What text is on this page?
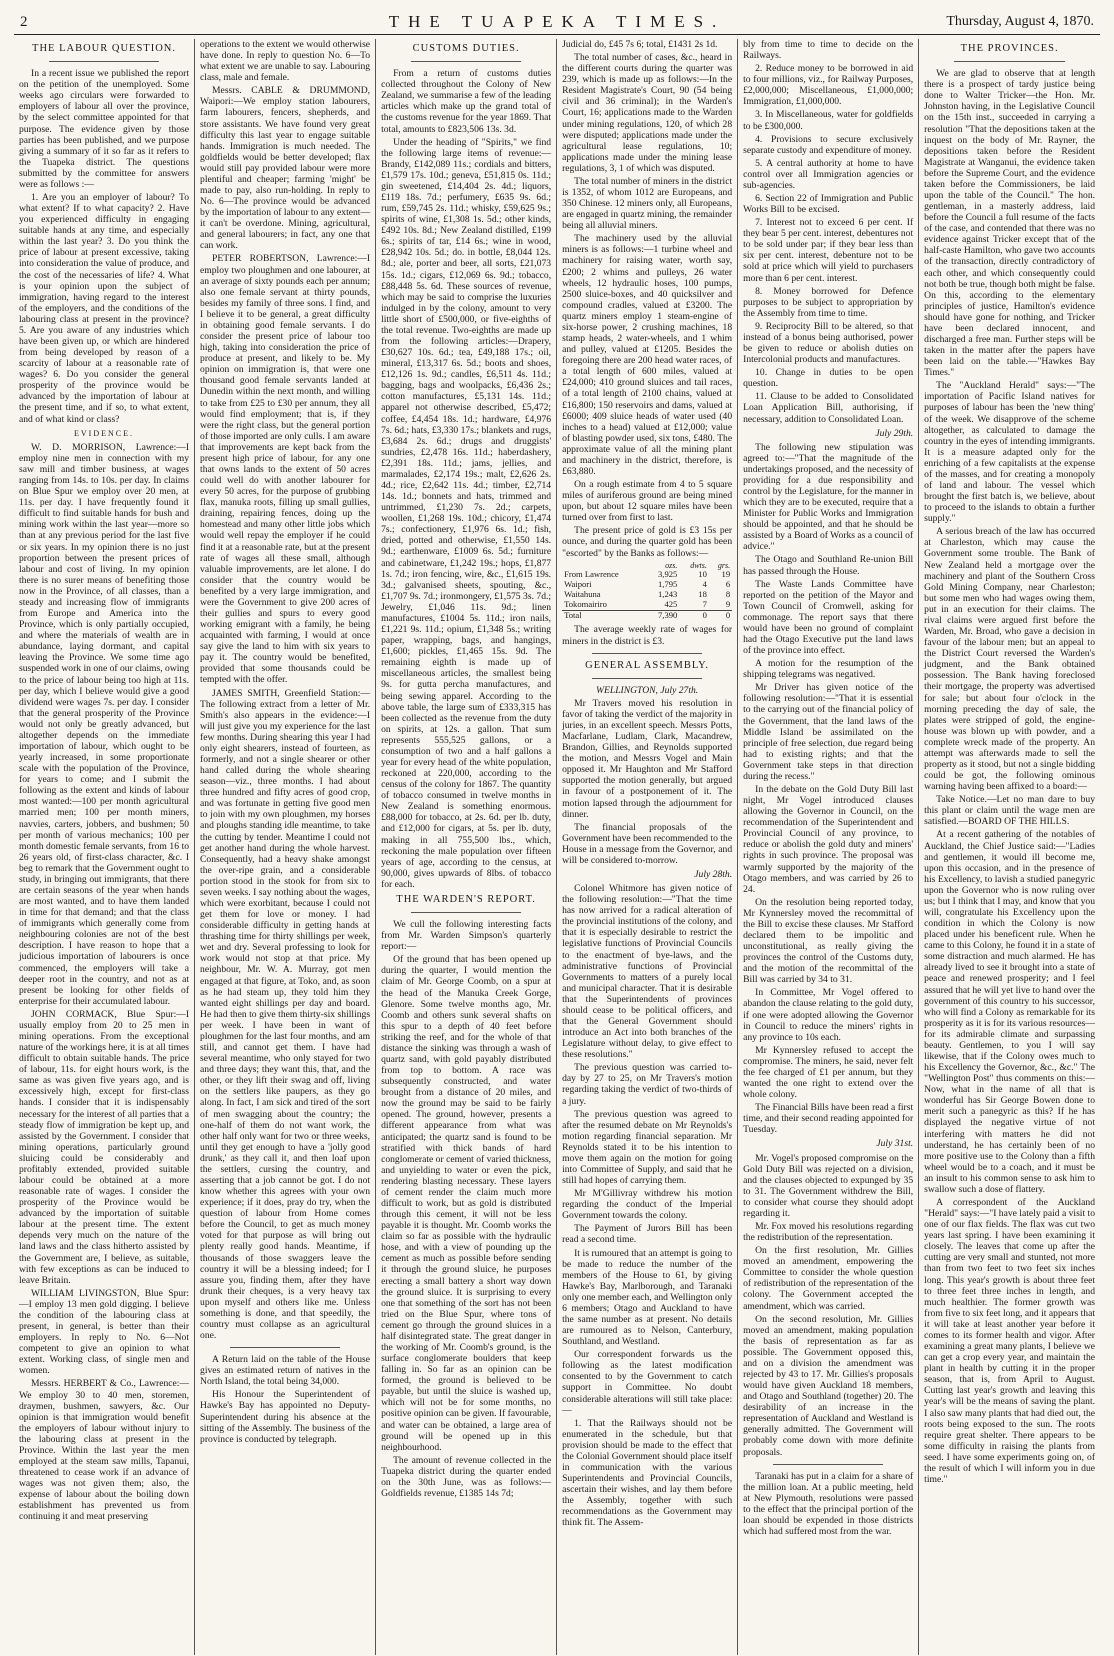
2	THE TUAPEKA TIMES.	Thursday, August 4, 1870.
THE LABOUR QUESTION.

In a recent issue we published the report on the petition of the unemployed. Some weeks ago circulars were forwarded to employers of labour all over the province, by the select committee appointed for that purpose. The evidence given by those parties has been published, and we purpose giving a summary of it so far as it refers to the Tuapeka district. The questions submitted by the committee for answers were as follows :—

1. Are you an employer of labour? To what extent? If to what capacity? 2. Have you experienced difficulty in engaging suitable hands at any time, and especially within the last year? 3. Do you think the price of labour at present excessive, taking into consideration the value of produce, and the cost of the necessaries of life? 4. What is your opinion upon the subject of immigration, having regard to the interest of the employers, and the conditions of the labouring class at present in the province? 5. Are you aware of any industries which have been given up, or which are hindered from being developed by reason of a scarcity of labour at a reasonable rate of wages? 6. Do you consider the general prosperity of the province would be advanced by the importation of labour at the present time, and if so, to what extent, and of what kind or class?

EVIDENCE.

W. D. MORRISON, Lawrence:—I employ nine men in connection with my saw mill and timber business, at wages ranging from 14s. to 10s. per day. In claims on Blue Spur we employ over 20 men, at 11s. per day. I have frequently found it difficult to find suitable hands for bush and mining work within the last year—more so than at any previous period for the last five or six years. In my opinion there is no just proportion between the present prices of labour and cost of living. In my opinion there is no surer means of benefiting those now in the Province, of all classes, than a steady and increasing flow of immigrants from Europe and America into the Province, which is only partially occupied, and where the materials of wealth are in abundance, laying dormant, and capital leaving the Province. We some time ago suspended work in one of our claims, owing to the price of labour being too high at 11s. per day, which I believe would give a good dividend were wages 7s. per day. I consider that the general prosperity of the Province would not only be greatly advanced, but altogether depends on the immediate importation of labour, which ought to be yearly increased, in some proportionate scale with the population of the Province, for years to come; and I submit the following as the extent and kinds of labour most wanted:—100 per month agricultural married men; 100 per month miners, navvies, carters, jobbers, and bushmen; 50 per month of various mechanics; 100 per month domestic female servants, from 16 to 26 years old, of first-class character, &c. I beg to remark that the Government ought to study, in bringing out immigrants, that there are certain seasons of the year when hands are most wanted, and to have them landed in time for that demand; and that the class of immigrants which generally come from neighbouring colonies are not of the best description. I have reason to hope that a judicious importation of labourers is once commenced, the employers will take a deeper root in the country, and not as at present be looking for other fields of enterprise for their accumulated labour.

JOHN CORMACK, Blue Spur:—I usually employ from 20 to 25 men in mining operations. From the exceptional nature of the workings here, it is at all times difficult to obtain suitable hands. The price of labour, 11s. for eight hours work, is the same as was given five years ago, and is excessively high, except for first-class hands. I consider that it is indispensably necessary for the interest of all parties that a steady flow of immigration be kept up, and assisted by the Government. I consider that mining operations, particularly ground sluicing could be considerably and profitably extended, provided suitable labour could be obtained at a more reasonable rate of wages. I consider the prosperity of the Province would be advanced by the importation of suitable labour at the present time. The extent depends very much on the nature of the land laws and the class hitherto assisted by the Government are, I believe, as suitable, with few exceptions as can be induced to leave Britain.

WILLIAM LIVINGSTON, Blue Spur:—I employ 13 men gold digging. I believe the condition of the labouring class at present, in general, is better than their employers. In reply to No. 6—Not competent to give an opinion to what extent. Working class, of single men and women.

Messrs. HERBERT & Co., Lawrence:—We employ 30 to 40 men, storemen, draymen, bushmen, sawyers, &c. Our opinion is that immigration would benefit the employers of labour without injury to the labouring class at present in the Province. Within the last year the men employed at the steam saw mills, Tapanui, threatened to cease work if an advance of wages was not given them; also, the expense of labour about the boiling down establishment has prevented us from continuing it and meat preserving

operations to the extent we would otherwise have done. In reply to question No. 6—To what extent we are unable to say. Labouring class, male and female.

Messrs. CABLE & DRUMMOND, Waipori:—We employ station labourers, farm labourers, fencers, shepherds, and store assistants. We have found very great difficulty this last year to engage suitable hands. Immigration is much needed. The goldfields would be better developed; flax would still pay provided labour were more plentiful and cheaper; farming 'might' be made to pay, also run-holding. In reply to No. 6—The province would be advanced by the importation of labour to any extent—it can't be overdone. Mining, agricultural, and general labourers; in fact, any one that can work.

PETER ROBERTSON, Lawrence:—I employ two ploughmen and one labourer, at an average of sixty pounds each per annum; also one female servant at thirty pounds, besides my family of three sons. I find, and I believe it to be general, a great difficulty in obtaining good female servants. I do consider the present price of labour too high, taking into consideration the price of produce at present, and likely to be. My opinion on immigration is, that were one thousand good female servants landed at Dunedin within the next month, and willing to take from £25 to £30 per annum, they all would find employment; that is, if they were the right class, but the general portion of those imported are only culls. I am aware that improvements are kept back from the present high price of labour, for any one that owns lands to the extent of 50 acres could well do with another labourer for every 50 acres, for the purpose of grubbing flax, manuka roots, filling up small gullies, draining, repairing fences, doing up the homestead and many other little jobs which would well repay the employer if he could find it at a reasonable rate, but at the present rate of wages all these small, although valuable improvements, are let alone. I do consider that the country would be benefited by a very large immigration, and were the Government to give 200 acres of their gullies and spurs to every good working emigrant with a family, he being acquainted with farming, I would at once say give the land to him with six years to pay it. The country would be benefited, provided that some thousands could be tempted with the offer.

JAMES SMITH, Greenfield Station:—The following extract from a letter of Mr. Smith's also appears in the evidence:—I will just give you my experience for the last few months. During shearing this year I had only eight shearers, instead of fourteen, as formerly, and not a single shearer or other hand called during the whole shearing season—viz., three months. I had about three hundred and fifty acres of good crop, and was fortunate in getting five good men to join with my own ploughmen, my horses and ploughs standing idle meantime, to take the cutting by tender. Meantime I could not get another hand during the whole harvest. Consequently, had a heavy shake amongst the over-ripe grain, and a considerable portion stood in the stook for from six to seven weeks. I say nothing about the wages, which were exorbitant, because I could not get them for love or money. I had considerable difficulty in getting hands at thrashing time for thirty shillings per week, wet and dry. Several professing to look for work would not stop at that price. My neighbour, Mr. W. A. Murray, got men engaged at that figure, at Toko, and, as soon as he had steam up, they told him they wanted eight shillings per day and board. He had then to give them thirty-six shillings per week. I have been in want of ploughmen for the last four months, and am still, and cannot get them. I have had several meantime, who only stayed for two and three days; they want this, that, and the other, or they lift their swag and off, living on the settlers like paupers, as they go along. In fact, I am sick and tired of the sort of men swagging about the country; the one-half of them do not want work, the other half only want for two or three weeks, until they get enough to have a 'jolly good drunk,' as they call it, and then loaf upon the settlers, cursing the country, and asserting that a job cannot be got. I do not know whether this agrees with your own experience; if it does, pray do try, when the question of labour from Home comes before the Council, to get as much money voted for that purpose as will bring out plenty really good hands. Meantime, if thousands of those swaggers leave the country it will be a blessing indeed; for I assure you, finding them, after they have drunk their cheques, is a very heavy tax upon myself and others like me. Unless something is done, and that speedily, the country must collapse as an agricultural one.

A Return laid on the table of the House gives an estimated return of natives in the North Island, the total being 34,000.

His Honour the Superintendent of Hawke's Bay has appointed no Deputy-Superintendent during his absence at the sitting of the Assembly. The business of the province is conducted by telegraph.

CUSTOMS DUTIES.

From a return of customs duties collected throughout the Colony of New Zealand, we summarise a few of the leading articles which make up the grand total of the customs revenue for the year 1869. That total, amounts to £823,506 13s. 3d.

Under the heading of "Spirits," we find the following large items of revenue:—Brandy, £142,089 11s.; cordials and bitters, £1,579 17s. 10d.; geneva, £51,815 0s. 11d.; gin sweetened, £14,404 2s. 4d.; liquors, £119 18s. 7d.; perfumery, £635 9s. 6d.; rum, £59,745 2s. 11d.; whisky, £59,625 9s.; spirits of wine, £1,308 1s. 5d.; other kinds, £492 10s. 8d.; New Zealand distilled, £199 6s.; spirits of tar, £14 6s.; wine in wood, £28,942 10s. 5d.; do. in bottle, £8,044 12s. 8d.; ale, porter and beer, all sorts, £21,073 15s. 1d.; cigars, £12,069 6s. 9d.; tobacco, £88,448 5s. 6d. These sources of revenue, which may be said to comprise the luxuries indulged in by the colony, amount to very little short of £500,000, or five-eighths of the total revenue. Two-eighths are made up from the following articles:—Drapery, £30,627 10s. 6d.; tea, £49,188 17s.; oil, mineral, £13,317 6s. 5d.; boots and shoes, £12,126 1s. 9d.; candles, £6,511 4s. 11d.; bagging, bags and woolpacks, £6,436 2s.; cotton manufactures, £5,131 14s. 11d.; apparel not otherwise described, £5,472; coffee, £4,454 18s. 1d.; hardware, £4,976 7s. 6d.; hats, £3,330 17s.; blankets and rugs, £3,684 2s. 6d.; drugs and druggists' sundries, £2,478 16s. 11d.; haberdashery, £2,391 18s. 11d.; jams, jellies, and marmalades, £2,174 19s.; malt, £2,626 2s. 4d.; rice, £2,642 11s. 4d.; timber, £2,714 14s. 1d.; bonnets and hats, trimmed and untrimmed, £1,230 7s. 2d.; carpets, woollen, £1,268 19s. 10d.; chicory, £1,474 7s.; confectionery, £1,976 6s. 1d.; fish, dried, potted and otherwise, £1,550 14s. 9d.; earthenware, £1009 6s. 5d.; furniture and cabinetware, £1,242 19s.; hops, £1,877 1s. 7d.; iron fencing, wire, &c., £1,615 19s. 3d.; galvanised sheets, spouting, &c., £1,707 9s. 7d.; ironmongery, £1,575 3s. 7d.; Jewelry, £1,046 11s. 9d.; linen manufactures, £1004 5s. 11d.; iron nails, £1,221 9s. 11d.; opium, £1,348 5s.; writing paper, wrapping, bags, and hangings, £1,600; pickles, £1,465 15s. 9d. The remaining eighth is made up of miscellaneous articles, the smallest being 9s. for gutta percha manufactures, and being sewing apparel. According to the above table, the large sum of £333,315 has been collected as the revenue from the duty on spirits, at 12s. a gallon. That sum represents 555,525 gallons, or a consumption of two and a half gallons a year for every head of the white population, reckoned at 220,000, according to the census of the colony for 1867. The quantity of tobacco consumed in twelve months in New Zealand is something enormous. £88,000 for tobacco, at 2s. 6d. per lb. duty, and £12,000 for cigars, at 5s. per lb. duty, making in all 755,500 lbs., which, reckoning the male population over fifteen years of age, according to the census, at 90,000, gives upwards of 8lbs. of tobacco for each.

THE WARDEN'S REPORT.

We cull the following interesting facts from Mr. Warden Simpson's quarterly report:—

Of the ground that has been opened up during the quarter, I would mention the claim of Mr. George Coomb, on a spur at the head of the Manuka Creek Gorge, Glenore. Some twelve months ago, Mr. Coomb and others sunk several shafts on this spur to a depth of 40 feet before striking the reef, and for the whole of that distance the sinking was through a wash of quartz sand, with gold payably distributed from top to bottom. A race was subsequently constructed, and water brought from a distance of 20 miles, and now the ground may be said to be fairly opened. The ground, however, presents a different appearance from what was anticipated; the quartz sand is found to be stratified with thick bands of hard conglomerate or cement of varied thickness, and unyielding to water or even the pick, rendering blasting necessary. These layers of cement render the claim much more difficult to work, but as gold is distributed through this cement, it will not be less payable it is thought. Mr. Coomb works the claim so far as possible with the hydraulic hose, and with a view of pounding up the cement as much as possible before sending it through the ground sluice, he purposes erecting a small battery a short way down the ground sluice. It is surprising to every one that something of the sort has not been tried on the Blue Spur, where tons of cement go through the ground sluices in a half disintegrated state. The great danger in the working of Mr. Coomb's ground, is the surface conglomerate boulders that keep falling in. So far as an opinion can be formed, the ground is believed to be payable, but until the sluice is washed up, which will not be for some months, no positive opinion can be given. If favourable, and water can be obtained, a large area of ground will be opened up in this neighbourhood.

The amount of revenue collected in the Tuapeka district during the quarter ended on the 30th June, was as follows:—Goldfields revenue, £1385 14s 7d;

Judicial do, £45 7s 6; total, £1431 2s 1d.

The total number of cases, &c., heard in the different courts during the quarter was 239, which is made up as follows:—In the Resident Magistrate's Court, 90 (54 being civil and 36 criminal); in the Warden's Court, 16; applications made to the Warden under mining regulations, 120, of which 28 were disputed; applications made under the agricultural lease regulations, 10; applications made under the mining lease regulations, 3, 1 of which was disputed.

The total number of miners in the district is 1352, of whom 1012 are Europeans, and 350 Chinese. 12 miners only, all Europeans, are engaged in quartz mining, the remainder being all alluvial miners.

The machinery used by the alluvial miners is as follows:—1 turbine wheel and machinery for raising water, worth say, £200; 2 whims and pulleys, 26 water wheels, 12 hydraulic hoses, 100 pumps, 2500 sluice-boxes, and 40 quicksilver and compound cradles, valued at £3200. The quartz miners employ 1 steam-engine of six-horse power, 2 crushing machines, 18 stamp heads, 2 water-wheels, and 1 whim and pulley, valued at £1205. Besides the foregoing there are 200 head water races, of a total length of 600 miles, valued at £24,000; 410 ground sluices and tail races, of a total length of 2100 chains, valued at £16,800; 150 reservoirs and dams, valued at £6000; 409 sluice heads of water used (40 inches to a head) valued at £12,000; value of blasting powder used, six tons, £480. The approximate value of all the mining plant and machinery in the district, therefore, is £63,880.

On a rough estimate from 4 to 5 square miles of auriferous ground are being mined upon, but about 12 square miles have been turned over from first to last.

The present price of gold is £3 15s per ounce, and during the quarter gold has been "escorted" by the Banks as follows:—

	ozs.	dwts.	grs.
From Lawrence	3,925	10	19
Waipori	1,795	4	6
Waitahuna	1,243	18	8
Tokomairiro	425	7	9
Total	7,390	0	0

The average weekly rate of wages for miners in the district is £3.

GENERAL ASSEMBLY.

WELLINGTON, July 27th.

Mr Travers moved his resolution in favor of taking the verdict of the majority in juries, in an excellent speech. Messrs Potts, Macfarlane, Ludlam, Clark, Macandrew, Brandon, Gillies, and Reynolds supported the motion, and Messrs Vogel and Main opposed it. Mr Haughton and Mr Stafford supported the motion generally, but argued in favour of a postponement of it. The motion lapsed through the adjournment for dinner.

The financial proposals of the Government have been recommended to the House in a message from the Governor, and will be considered to-morrow.

July 28th.

Colonel Whitmore has given notice of the following resolution:—"That the time has now arrived for a radical alteration of the provincial institutions of the colony, and that it is especially desirable to restrict the legislative functions of Provincial Councils to the enactment of bye-laws, and the administrative functions of Provincial Governments to matters of a purely local and municipal character. That it is desirable that the Superintendents of provinces should cease to be political officers, and that the General Government should introduce an Act into both branches of the Legislature without delay, to give effect to these resolutions."

The previous question was carried to-day by 27 to 25, on Mr Travers's motion regarding taking the verdict of two-thirds of a jury.

The previous question was agreed to after the resumed debate on Mr Reynolds's motion regarding financial separation. Mr Reynolds stated it to be his intention to move them again on the motion for going into Committee of Supply, and said that he still had hopes of carrying them.

Mr M'Gillivray withdrew his motion regarding the conduct of the Imperial Government towards the colony.

The Payment of Jurors Bill has been read a second time.

It is rumoured that an attempt is going to be made to reduce the number of the members of the House to 61, by giving Hawke's Bay, Marlborough, and Taranaki only one member each, and Wellington only 6 members; Otago and Auckland to have the same number as at present. No details are rumoured as to Nelson, Canterbury, Southland, and Westland.

Our correspondent forwards us the following as the latest modification consented to by the Government to catch support in Committee. No doubt considerable alterations will still take place:—

1. That the Railways should not be enumerated in the schedule, but that provision should be made to the effect that the Colonial Government should place itself in communication with the various Superintendents and Provincial Councils, ascertain their wishes, and lay them before the Assembly, together with such recommendations as the Government may think fit. The Assem-

bly from time to time to decide on the Railways.

2. Reduce money to be borrowed in aid to four millions, viz., for Railway Purposes, £2,000,000; Miscellaneous, £1,000,000; Immigration, £1,000,000.

3. In Miscellaneous, water for goldfields to be £300,000.

4. Provisions to secure exclusively separate custody and expenditure of money.

5. A central authority at home to have control over all Immigration agencies or sub-agencies.

6. Section 22 of Immigration and Public Works Bill to be excised.

7. Interest not to exceed 6 per cent. If they bear 5 per cent. interest, debentures not to be sold under par; if they bear less than six per cent. interest, debenture not to be sold at price which will yield to purchasers more than 6 per cent. interest.

8. Money borrowed for Defence purposes to be subject to appropriation by the Assembly from time to time.

9. Reciprocity Bill to be altered, so that instead of a bonus being authorised, power be given to reduce or abolish duties on Intercolonial products and manufactures.

10. Change in duties to be open question.

11. Clause to be added to Consolidated Loan Application Bill, authorising, if necessary, addition to Consolidated Loan.

July 29th.

The following new stipulation was agreed to:—"That the magnitude of the undertakings proposed, and the necessity of providing for a due responsibility and control by the Legislature, for the manner in which they are to be executed, require that a Minister for Public Works and Immigration should be appointed, and that he should be assisted by a Board of Works as a council of advice."

The Otago and Southland Re-union Bill has passed through the House.

The Waste Lands Committee have reported on the petition of the Mayor and Town Council of Cromwell, asking for commonage. The report says that there would have been no ground of complaint had the Otago Executive put the land laws of the province into effect.

A motion for the resumption of the shipping telegrams was negatived.

Mr Driver has given notice of the following resolution:—"That it is essential to the carrying out of the financial policy of the Government, that the land laws of the Middle Island be assimilated on the principle of free selection, due regard being had to existing rights; and that the Government take steps in that direction during the recess."

In the debate on the Gold Duty Bill last night, Mr Vogel introduced clauses allowing the Governor in Council, on the recommendation of the Superintendent and Provincial Council of any province, to reduce or abolish the gold duty and miners' rights in such province. The proposal was warmly supported by the majority of the Otago members, and was carried by 26 to 24.

On the resolution being reported today, Mr Kynnersley moved the recommittal of the Bill to excise these clauses. Mr Stafford declared them to be impolitic and unconstitutional, as really giving the provinces the control of the Customs duty, and the motion of the recommittal of the Bill was carried by 34 to 31.

In Committee, Mr Vogel offered to abandon the clause relating to the gold duty, if one were adopted allowing the Governor in Council to reduce the miners' rights in any province to 10s each.

Mr Kynnersley refused to accept the compromise. The miners, he said, never felt the fee charged of £1 per annum, but they wanted the one right to extend over the whole colony.

The Financial Bills have been read a first time, and their second reading appointed for Tuesday.

July 31st.

Mr. Vogel's proposed compromise on the Gold Duty Bill was rejected on a division, and the clauses objected to expunged by 35 to 31. The Government withdrew the Bill, to consider what course they should adopt regarding it.

Mr. Fox moved his resolutions regarding the redistribution of the representation.

On the first resolution, Mr. Gillies moved an amendment, empowering the Committee to consider the whole question of redistribution of the representation of the colony. The Government accepted the amendment, which was carried.

On the second resolution, Mr. Gillies moved an amendment, making population the basis of representation as far as possible. The Government opposed this, and on a division the amendment was rejected by 43 to 17. Mr. Gillies's proposals would have given Auckland 18 members, and Otago and Southland (together) 20. The desirability of an increase in the representation of Auckland and Westland is generally admitted. The Government will probably come down with more definite proposals.

Taranaki has put in a claim for a share of the million loan. At a public meeting, held at New Plymouth, resolutions were passed to the effect that the principal portion of the loan should be expended in those districts which had suffered most from the war.

THE PROVINCES.

We are glad to observe that at length there is a prospect of tardy justice being done to Walter Tricker—the Hon. Mr. Johnston having, in the Legislative Council on the 15th inst., succeeded in carrying a resolution "That the depositions taken at the inquest on the body of Mr. Rayner, the depositions taken before the Resident Magistrate at Wanganui, the evidence taken before the Supreme Court, and the evidence taken before the Commissioners, be laid upon the table of the Council." The hon. gentleman, in a masterly address, laid before the Council a full resume of the facts of the case, and contended that there was no evidence against Tricker except that of the half-caste Hamilton, who gave two accounts of the transaction, directly contradictory of each other, and which consequently could not both be true, though both might be false. On this, according to the elementary principles of justice, Hamilton's evidence should have gone for nothing, and Tricker have been declared innocent, and discharged a free man. Further steps will be taken in the matter after the papers have been laid on the table.—"Hawkes Bay Times."

The "Auckland Herald" says:—"The importation of Pacific Island natives for purposes of labour has been the 'new thing' of the week. We disapprove of the scheme altogether, as calculated to damage the country in the eyes of intending immigrants. It is a measure adapted only for the enriching of a few capitalists at the expense of the masses, and for creating a monopoly of land and labour. The vessel which brought the first batch is, we believe, about to proceed to the islands to obtain a further supply."

A serious breach of the law has occurred at Charleston, which may cause the Government some trouble. The Bank of New Zealand held a mortgage over the machinery and plant of the Southern Cross Gold Mining Company, near Charleston; but some men who had wages owing them, put in an execution for their claims. The rival claims were argued first before the Warden, Mr. Broad, who gave a decision in favour of the labour men; but an appeal to the District Court reversed the Warden's judgment, and the Bank obtained possession. The Bank having foreclosed their mortgage, the property was advertised for sale; but about four o'clock in the morning preceding the day of sale, the plates were stripped of gold, the engine-house was blown up with powder, and a complete wreck made of the property. An attempt was afterwards made to sell the property as it stood, but not a single bidding could be got, the following ominous warning having been affixed to a board:—

Take Notice.—Let no man dare to buy this plant or claim until the wage men are satisfied.—BOARD OF THE HILLS.

At a recent gathering of the notables of Auckland, the Chief Justice said:—"Ladies and gentlemen, it would ill become me, upon this occasion, and in the presence of his Excellency, to lavish a studied panegyric upon the Governor who is now ruling over us; but I think that I may, and know that you will, congratulate his Excellency upon the condition in which the Colony is now placed under his beneficent rule. When he came to this Colony, he found it in a state of some distraction and much alarmed. He has already lived to see it brought into a state of peace and renewed prosperity; and I feel assured that he will yet live to hand over the government of this country to his successor, who will find a Colony as remarkable for its prosperity as it is for its various resources—for its admirable climate and surpassing beauty. Gentlemen, to you I will say likewise, that if the Colony owes much to his Excellency the Governor, &c., &c." The "Wellington Post" thus comments on this:—Now, what in the name of all that is wonderful has Sir George Bowen done to merit such a panegyric as this? If he has displayed the negative virtue of not interfering with matters he did not understand, he has certainly been of no more positive use to the Colony than a fifth wheel would be to a coach, and it must be an insult to his common sense to ask him to swallow such a dose of flattery.

A correspondent of the Auckland "Herald" says:—"I have lately paid a visit to one of our flax fields. The flax was cut two years last spring. I have been examining it closely. The leaves that come up after the cutting are very small and stunted, not more than from two feet to two feet six inches long. This year's growth is about three feet to three feet three inches in length, and much healthier. The former growth was from five to six feet long, and it appears that it will take at least another year before it comes to its former health and vigor. After examining a great many plants, I believe we can get a crop every year, and maintain the plant in health by cutting it in the proper season, that is, from April to August. Cutting last year's growth and leaving this year's will be the means of saving the plant. I also saw many plants that had died out, the roots being exposed to the sun. The roots require great shelter. There appears to be some difficulty in raising the plants from seed. I have some experiments going on, of the result of which I will inform you in due time."
